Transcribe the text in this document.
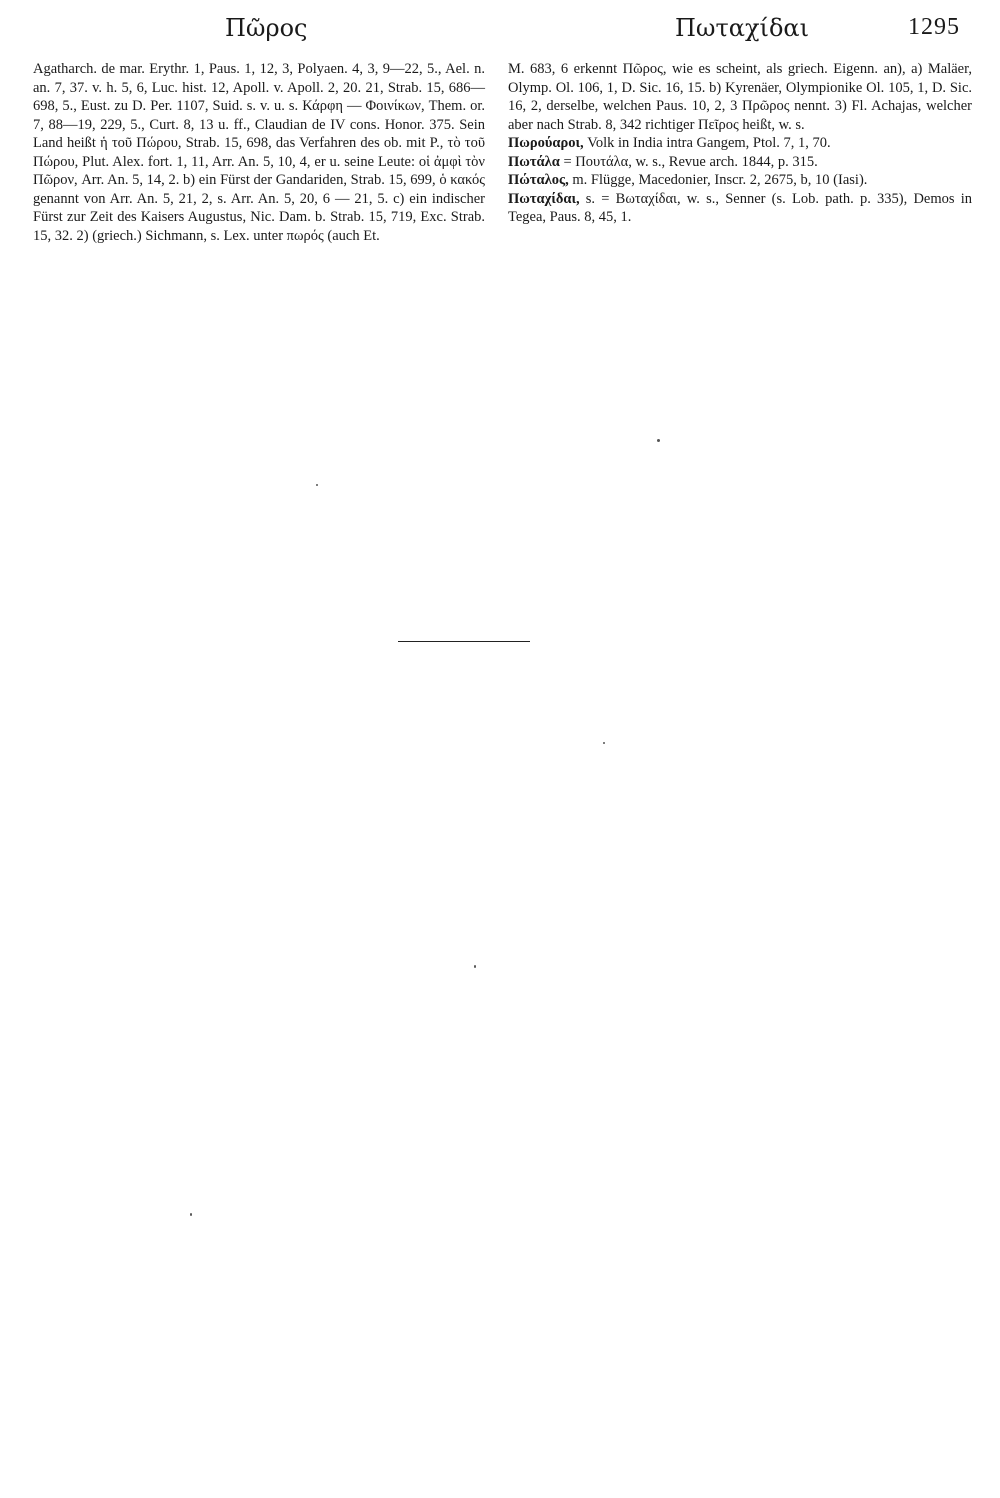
Πῶρος	Πωταχίδαι	1295

Agatharch. de mar. Erythr. 1, Paus. 1, 12, 3, Polyaen. 4, 3, 9—22, 5., Ael. n. an. 7, 37. v. h. 5, 6, Luc. hist. 12, Apoll. v. Apoll. 2, 20. 21, Strab. 15, 686—698, 5., Eust. zu D. Per. 1107, Suid. s. v. u. s. Κάρφη — Φοινίκων, Them. or. 7, 88—19, 229, 5., Curt. 8, 13 u. ff., Claudian de IV cons. Honor. 375. Sein Land heißt ἡ τοῦ Πώρου, Strab. 15, 698, das Verfahren des ob. mit P., τὸ τοῦ Πώρου, Plut. Alex. fort. 1, 11, Arr. An. 5, 10, 4, er u. seine Leute: οἱ ἀμφὶ τὸν Πῶρον, Arr. An. 5, 14, 2. b) ein Fürst der Gandariden, Strab. 15, 699, ὁ κακός genannt von Arr. An. 5, 21, 2, s. Arr. An. 5, 20, 6 — 21, 5. c) ein indischer Fürst zur Zeit des Kaisers Augustus, Nic. Dam. b. Strab. 15, 719, Exc. Strab. 15, 32. 2) (griech.) Sichmann, s. Lex. unter πωρός (auch Et.

M. 683, 6 erkennt Πῶρος, wie es scheint, als griech. Eigenn. an), a) Maläer, Olymp. Ol. 106, 1, D. Sic. 16, 15. b) Kyrenäer, Olympionike Ol. 105, 1, D. Sic. 16, 2, derselbe, welchen Paus. 10, 2, 3 Πρῶρος nennt. 3) Fl. Achajas, welcher aber nach Strab. 8, 342 richtiger Πεῖρος heißt, w. s.

Πωρούαροι, Volk in India intra Gangem, Ptol. 7, 1, 70.

Πωτάλα = Πουτάλα, w. s., Revue arch. 1844, p. 315.

Πώταλος, m. Flügge, Macedonier, Inscr. 2, 2675, b, 10 (Iasi).

Πωταχίδαι, s. = Βωταχίδαι, w. s., Senner (s. Lob. path. p. 335), Demos in Tegea, Paus. 8, 45, 1.
